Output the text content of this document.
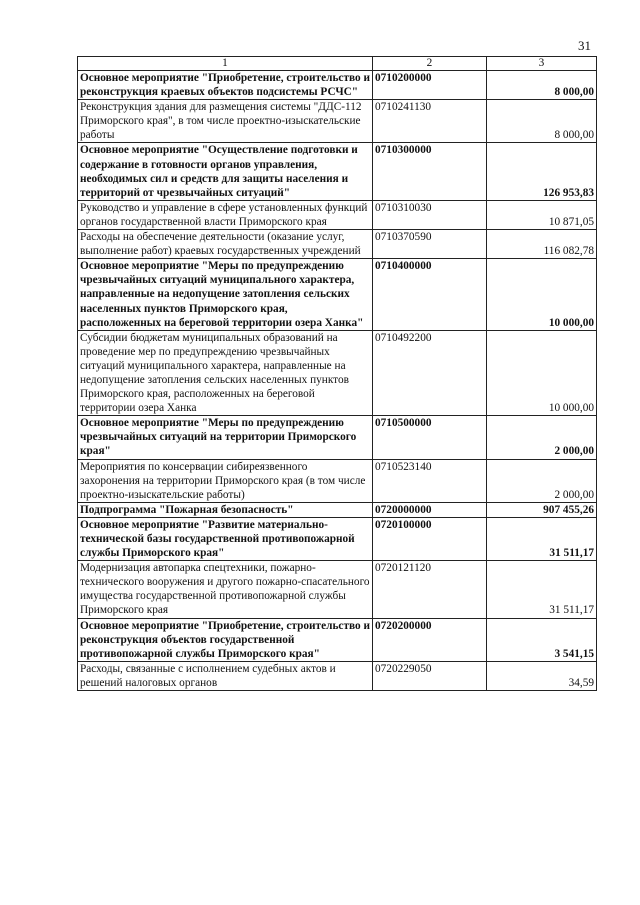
31
1	2	3
Основное мероприятие "Приобретение, строительство и реконструкция краевых объектов подсистемы РСЧС"	0710200000	8 000,00
Реконструкция здания для размещения системы "ДДС-112 Приморского края", в том числе проектно-изыскательские работы	0710241130	8 000,00
Основное мероприятие "Осуществление подготовки и содержание в готовности органов управления, необходимых сил и средств для защиты населения и территорий от чрезвычайных ситуаций"	0710300000	126 953,83
Руководство и управление в сфере установленных функций органов государственной власти Приморского края	0710310030	10 871,05
Расходы на обеспечение деятельности (оказание услуг, выполнение работ) краевых государственных учреждений	0710370590	116 082,78
Основное мероприятие "Меры по предупреждению чрезвычайных ситуаций муниципального характера, направленные на недопущение затопления сельских населенных пунктов Приморского края, расположенных на береговой территории озера Ханка"	0710400000	10 000,00
Субсидии бюджетам муниципальных образований на проведение мер по предупреждению чрезвычайных ситуаций муниципального характера, направленные на недопущение затопления сельских населенных пунктов Приморского края, расположенных на береговой территории озера Ханка	0710492200	10 000,00
Основное мероприятие "Меры по предупреждению чрезвычайных ситуаций на территории Приморского края"	0710500000	2 000,00
Мероприятия по консервации сибиреязвенного захоронения на территории Приморского края (в том числе проектно-изыскательские работы)	0710523140	2 000,00
Подпрограмма "Пожарная безопасность"	0720000000	907 455,26
Основное мероприятие "Развитие материально-технической базы государственной противопожарной службы Приморского края"	0720100000	31 511,17
Модернизация автопарка спецтехники, пожарно-технического вооружения и другого пожарно-спасательного имущества государственной противопожарной службы Приморского края	0720121120	31 511,17
Основное мероприятие "Приобретение, строительство и реконструкция объектов государственной противопожарной службы Приморского края"	0720200000	3 541,15
Расходы, связанные с исполнением судебных актов и решений налоговых органов	0720229050	34,59
